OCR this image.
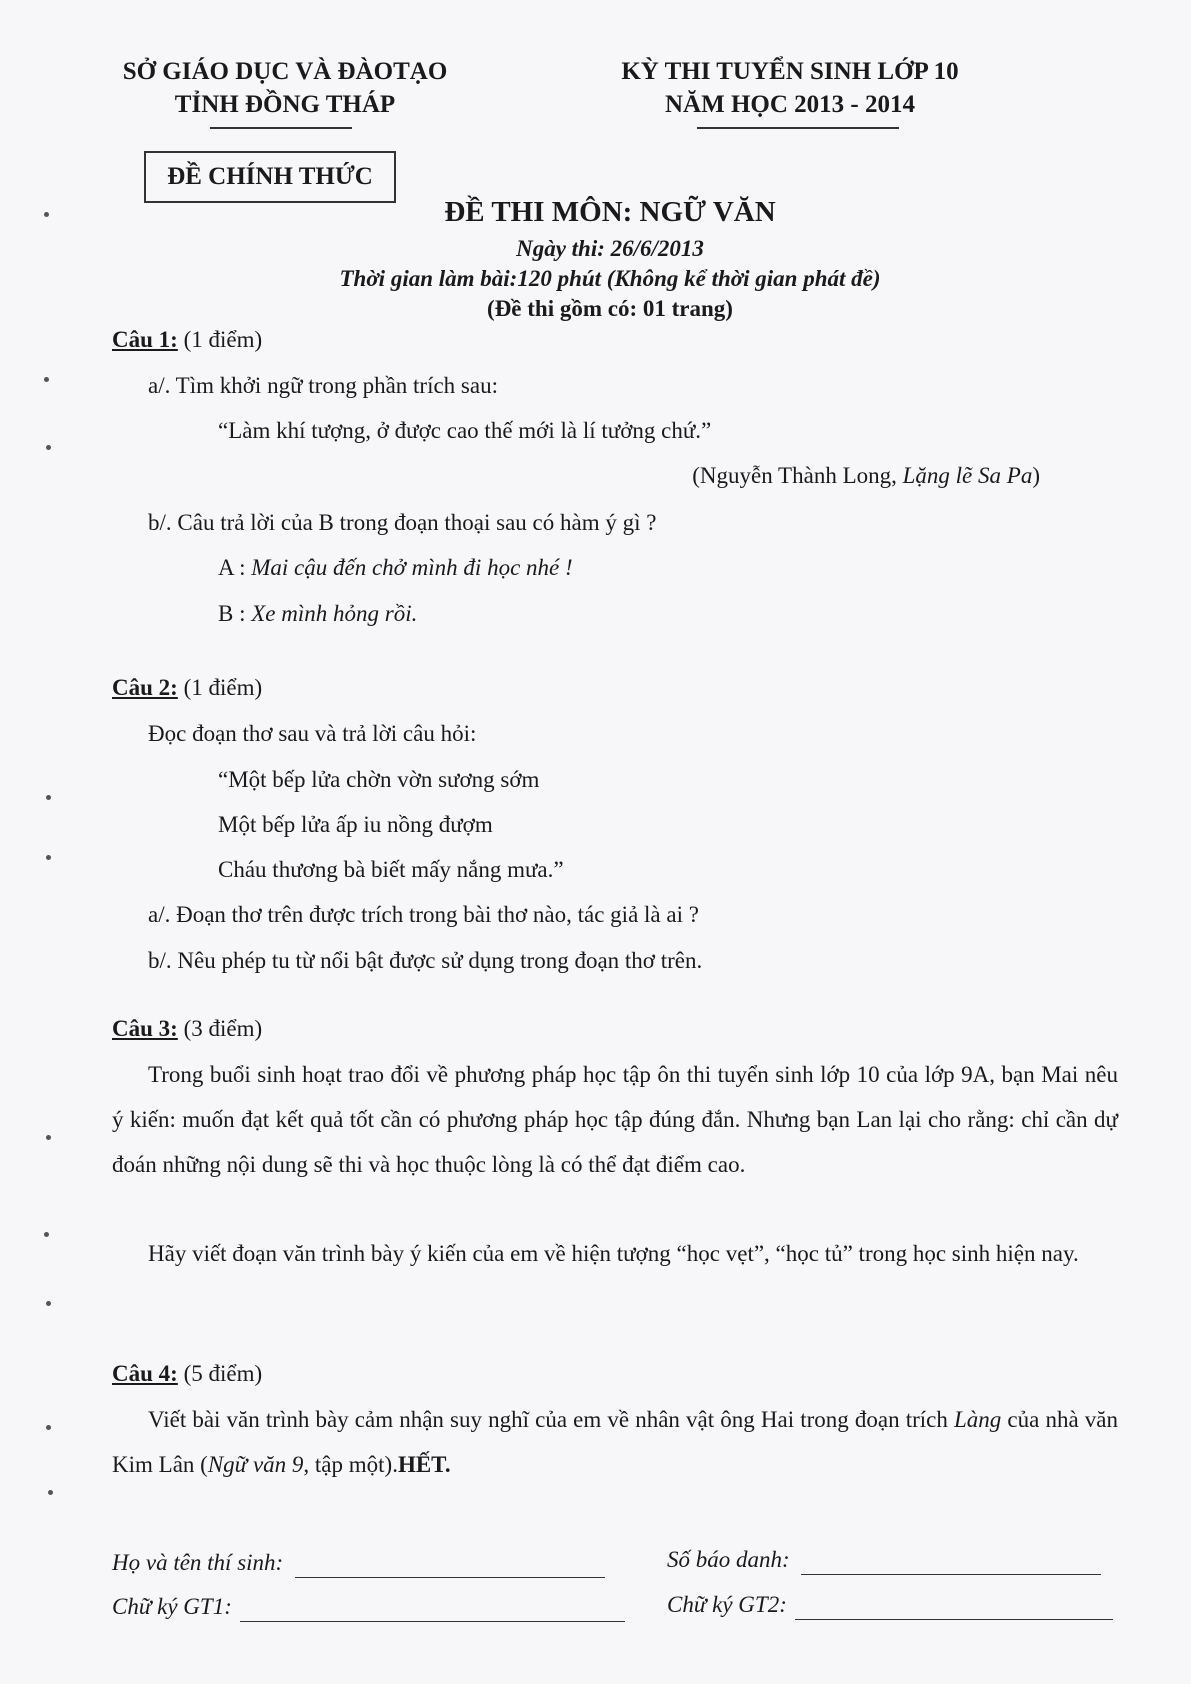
SỞ GIÁO DỤC VÀ ĐÀOTẠO
TỈNH ĐỒNG THÁP
KỲ THI TUYỂN SINH LỚP 10
NĂM HỌC 2013 - 2014
ĐỀ CHÍNH THỨC
ĐỀ THI MÔN: NGỮ VĂN
Ngày thi: 26/6/2013
Thời gian làm bài:120 phút (Không kể thời gian phát đề)
(Đề thi gồm có: 01 trang)
Câu 1: (1 điểm)
a/. Tìm khởi ngữ trong phần trích sau:
“Làm khí tượng, ở được cao thế mới là lí tưởng chứ.”
(Nguyễn Thành Long, Lặng lẽ Sa Pa)
b/. Câu trả lời của B trong đoạn thoại sau có hàm ý gì ?
A : Mai cậu đến chở mình đi học nhé !
B : Xe mình hỏng rồi.
Câu 2: (1 điểm)
Đọc đoạn thơ sau và trả lời câu hỏi:
“Một bếp lửa chờn vờn sương sớm
Một bếp lửa ấp iu nồng đượm
Cháu thương bà biết mấy nắng mưa.”
a/. Đoạn thơ trên được trích trong bài thơ nào, tác giả là ai ?
b/. Nêu phép tu từ nổi bật được sử dụng trong đoạn thơ trên.
Câu 3: (3 điểm)
Trong buổi sinh hoạt trao đổi về phương pháp học tập ôn thi tuyển sinh lớp 10 của lớp 9A, bạn Mai nêu ý kiến: muốn đạt kết quả tốt cần có phương pháp học tập đúng đắn. Nhưng bạn Lan lại cho rằng: chỉ cần dự đoán những nội dung sẽ thi và học thuộc lòng là có thể đạt điểm cao.
Hãy viết đoạn văn trình bày ý kiến của em về hiện tượng “học vẹt”, “học tủ” trong học sinh hiện nay.
Câu 4: (5 điểm)
Viết bài văn trình bày cảm nhận suy nghĩ của em về nhân vật ông Hai trong đoạn trích Làng của nhà văn Kim Lân (Ngữ văn 9, tập một).HẾT.
Họ và tên thí sinh:	Số báo danh:
Chữ ký GT1:	Chữ ký GT2:
